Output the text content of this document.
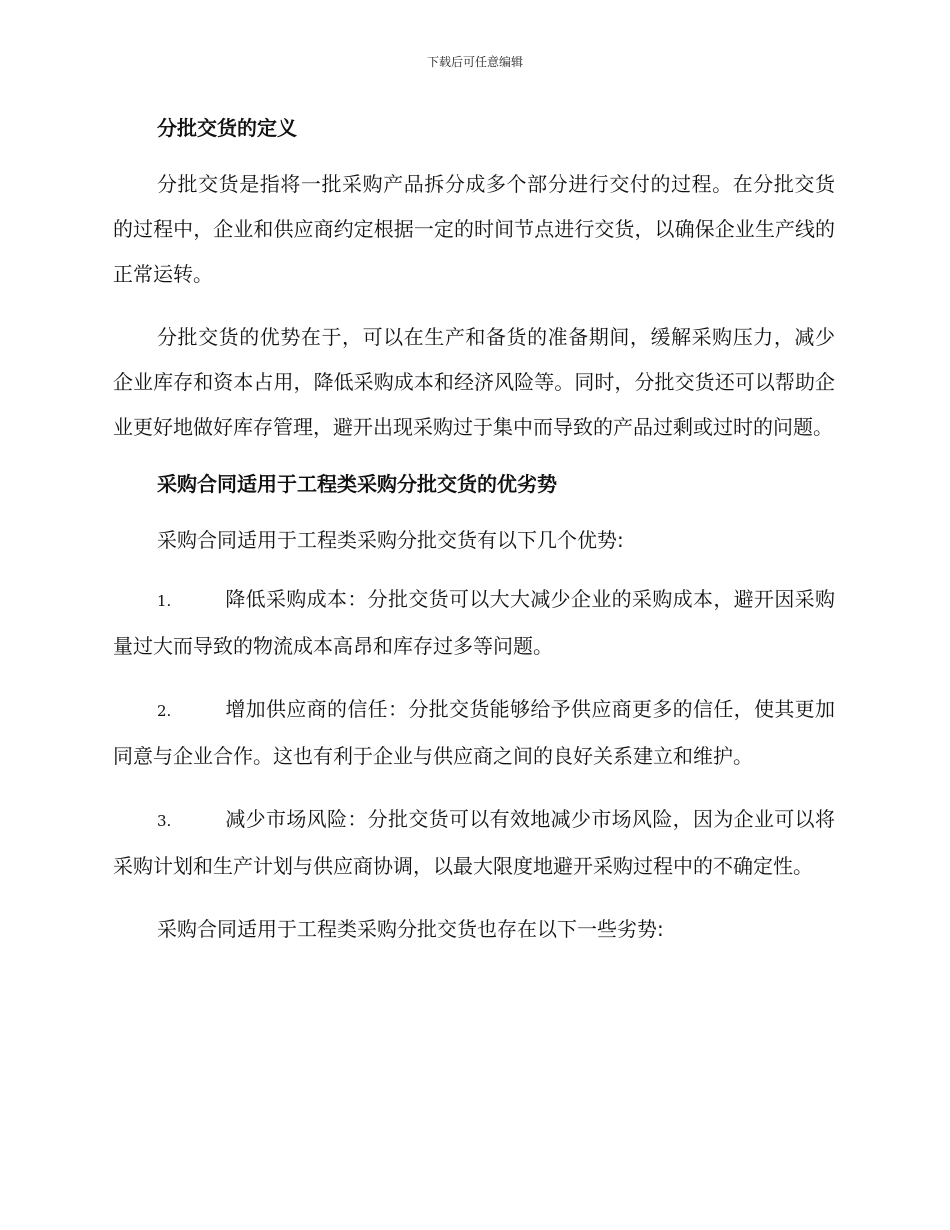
下载后可任意编辑
分批交货的定义

分批交货是指将一批采购产品拆分成多个部分进行交付的过程。在分批交货的过程中，企业和供应商约定根据一定的时间节点进行交货，以确保企业生产线的正常运转。

分批交货的优势在于，可以在生产和备货的准备期间，缓解采购压力，减少企业库存和资本占用，降低采购成本和经济风险等。同时，分批交货还可以帮助企业更好地做好库存管理，避开出现采购过于集中而导致的产品过剩或过时的问题。

采购合同适用于工程类采购分批交货的优劣势

采购合同适用于工程类采购分批交货有以下几个优势:

1.	降低采购成本：分批交货可以大大减少企业的采购成本，避开因采购量过大而导致的物流成本高昂和库存过多等问题。

2.	增加供应商的信任：分批交货能够给予供应商更多的信任，使其更加同意与企业合作。这也有利于企业与供应商之间的良好关系建立和维护。

3.	减少市场风险：分批交货可以有效地减少市场风险，因为企业可以将采购计划和生产计划与供应商协调，以最大限度地避开采购过程中的不确定性。

采购合同适用于工程类采购分批交货也存在以下一些劣势:
